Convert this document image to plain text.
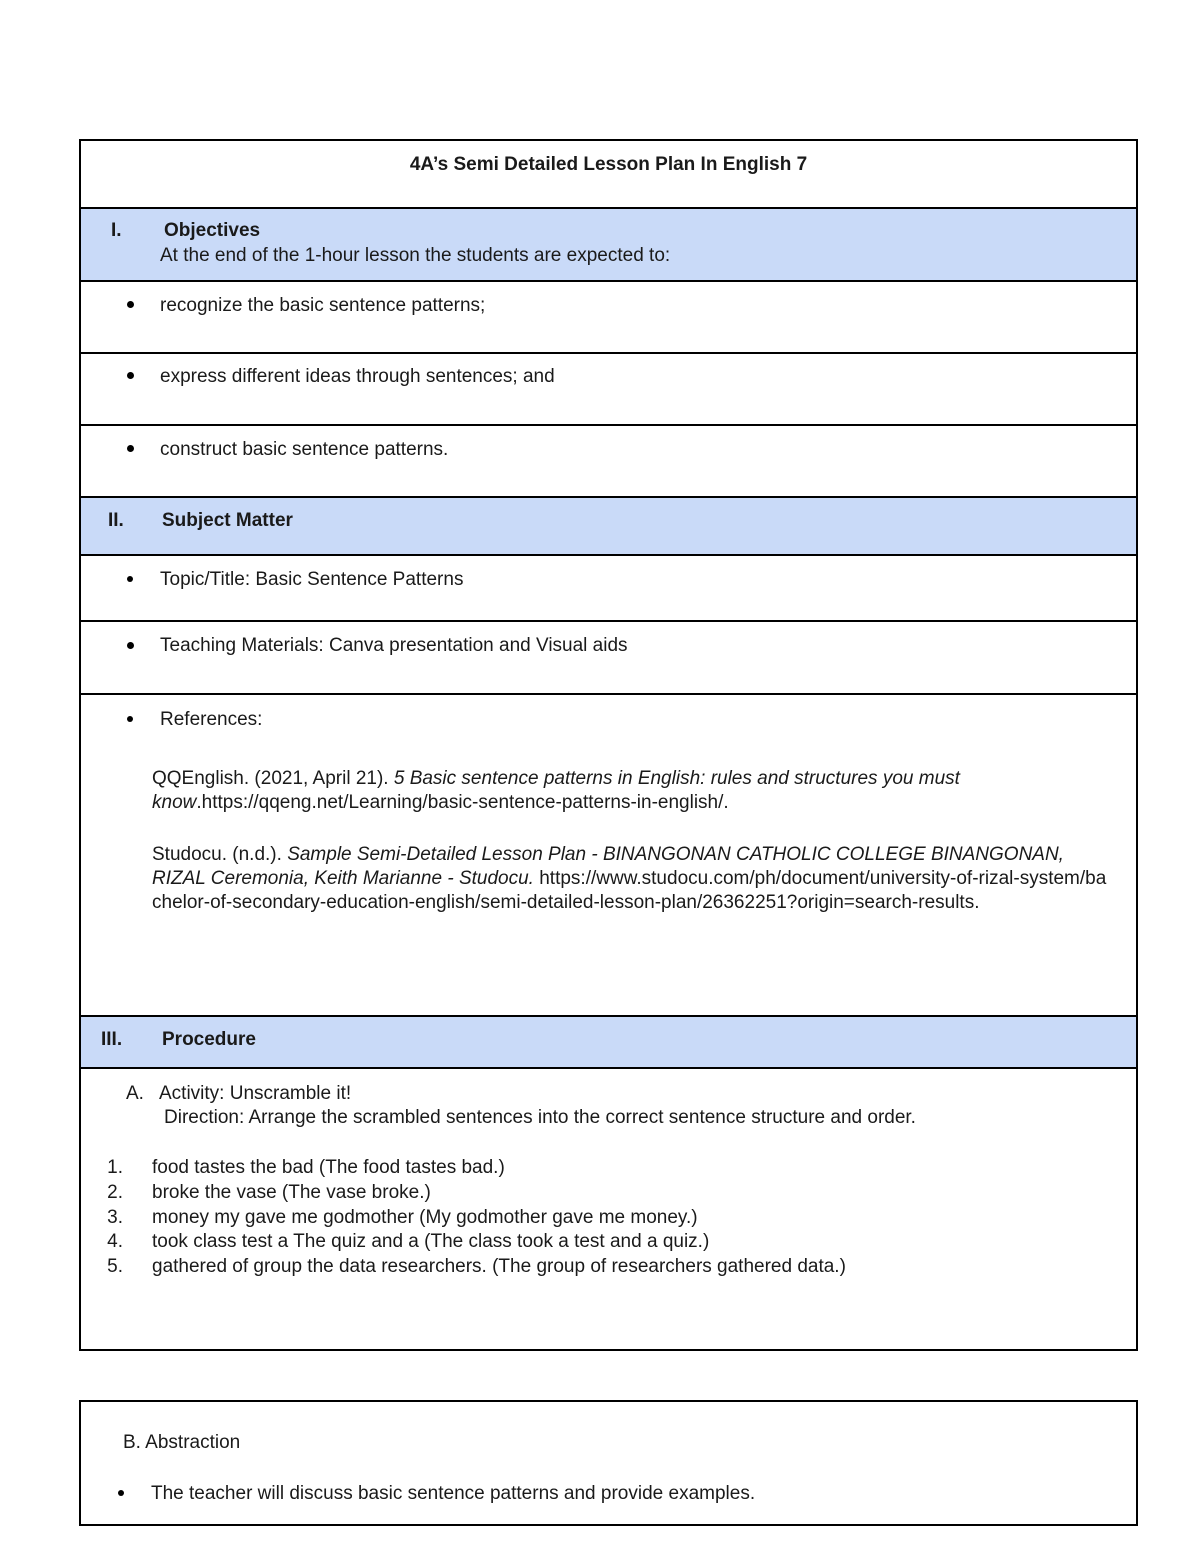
4A’s Semi Detailed Lesson Plan In English 7
I. Objectives
At the end of the 1-hour lesson the students are expected to:
recognize the basic sentence patterns;
express different ideas through sentences; and
construct basic sentence patterns.
II. Subject Matter
Topic/Title: Basic Sentence Patterns
Teaching Materials: Canva presentation and Visual aids
References:
QQEnglish. (2021, April 21). 5 Basic sentence patterns in English: rules and structures you must know.https://qqeng.net/Learning/basic-sentence-patterns-in-english/.
Studocu. (n.d.). Sample Semi-Detailed Lesson Plan - BINANGONAN CATHOLIC COLLEGE BINANGONAN, RIZAL Ceremonia, Keith Marianne - Studocu. https://www.studocu.com/ph/document/university-of-rizal-system/bachelor-of-secondary-education-english/semi-detailed-lesson-plan/26362251?origin=search-results.
III. Procedure
A. Activity: Unscramble it!
Direction: Arrange the scrambled sentences into the correct sentence structure and order.
1. food tastes the bad (The food tastes bad.)
2. broke the vase (The vase broke.)
3. money my gave me godmother (My godmother gave me money.)
4. took class test a The quiz and a (The class took a test and a quiz.)
5. gathered of group the data researchers. (The group of researchers gathered data.)
B. Abstraction
The teacher will discuss basic sentence patterns and provide examples.
